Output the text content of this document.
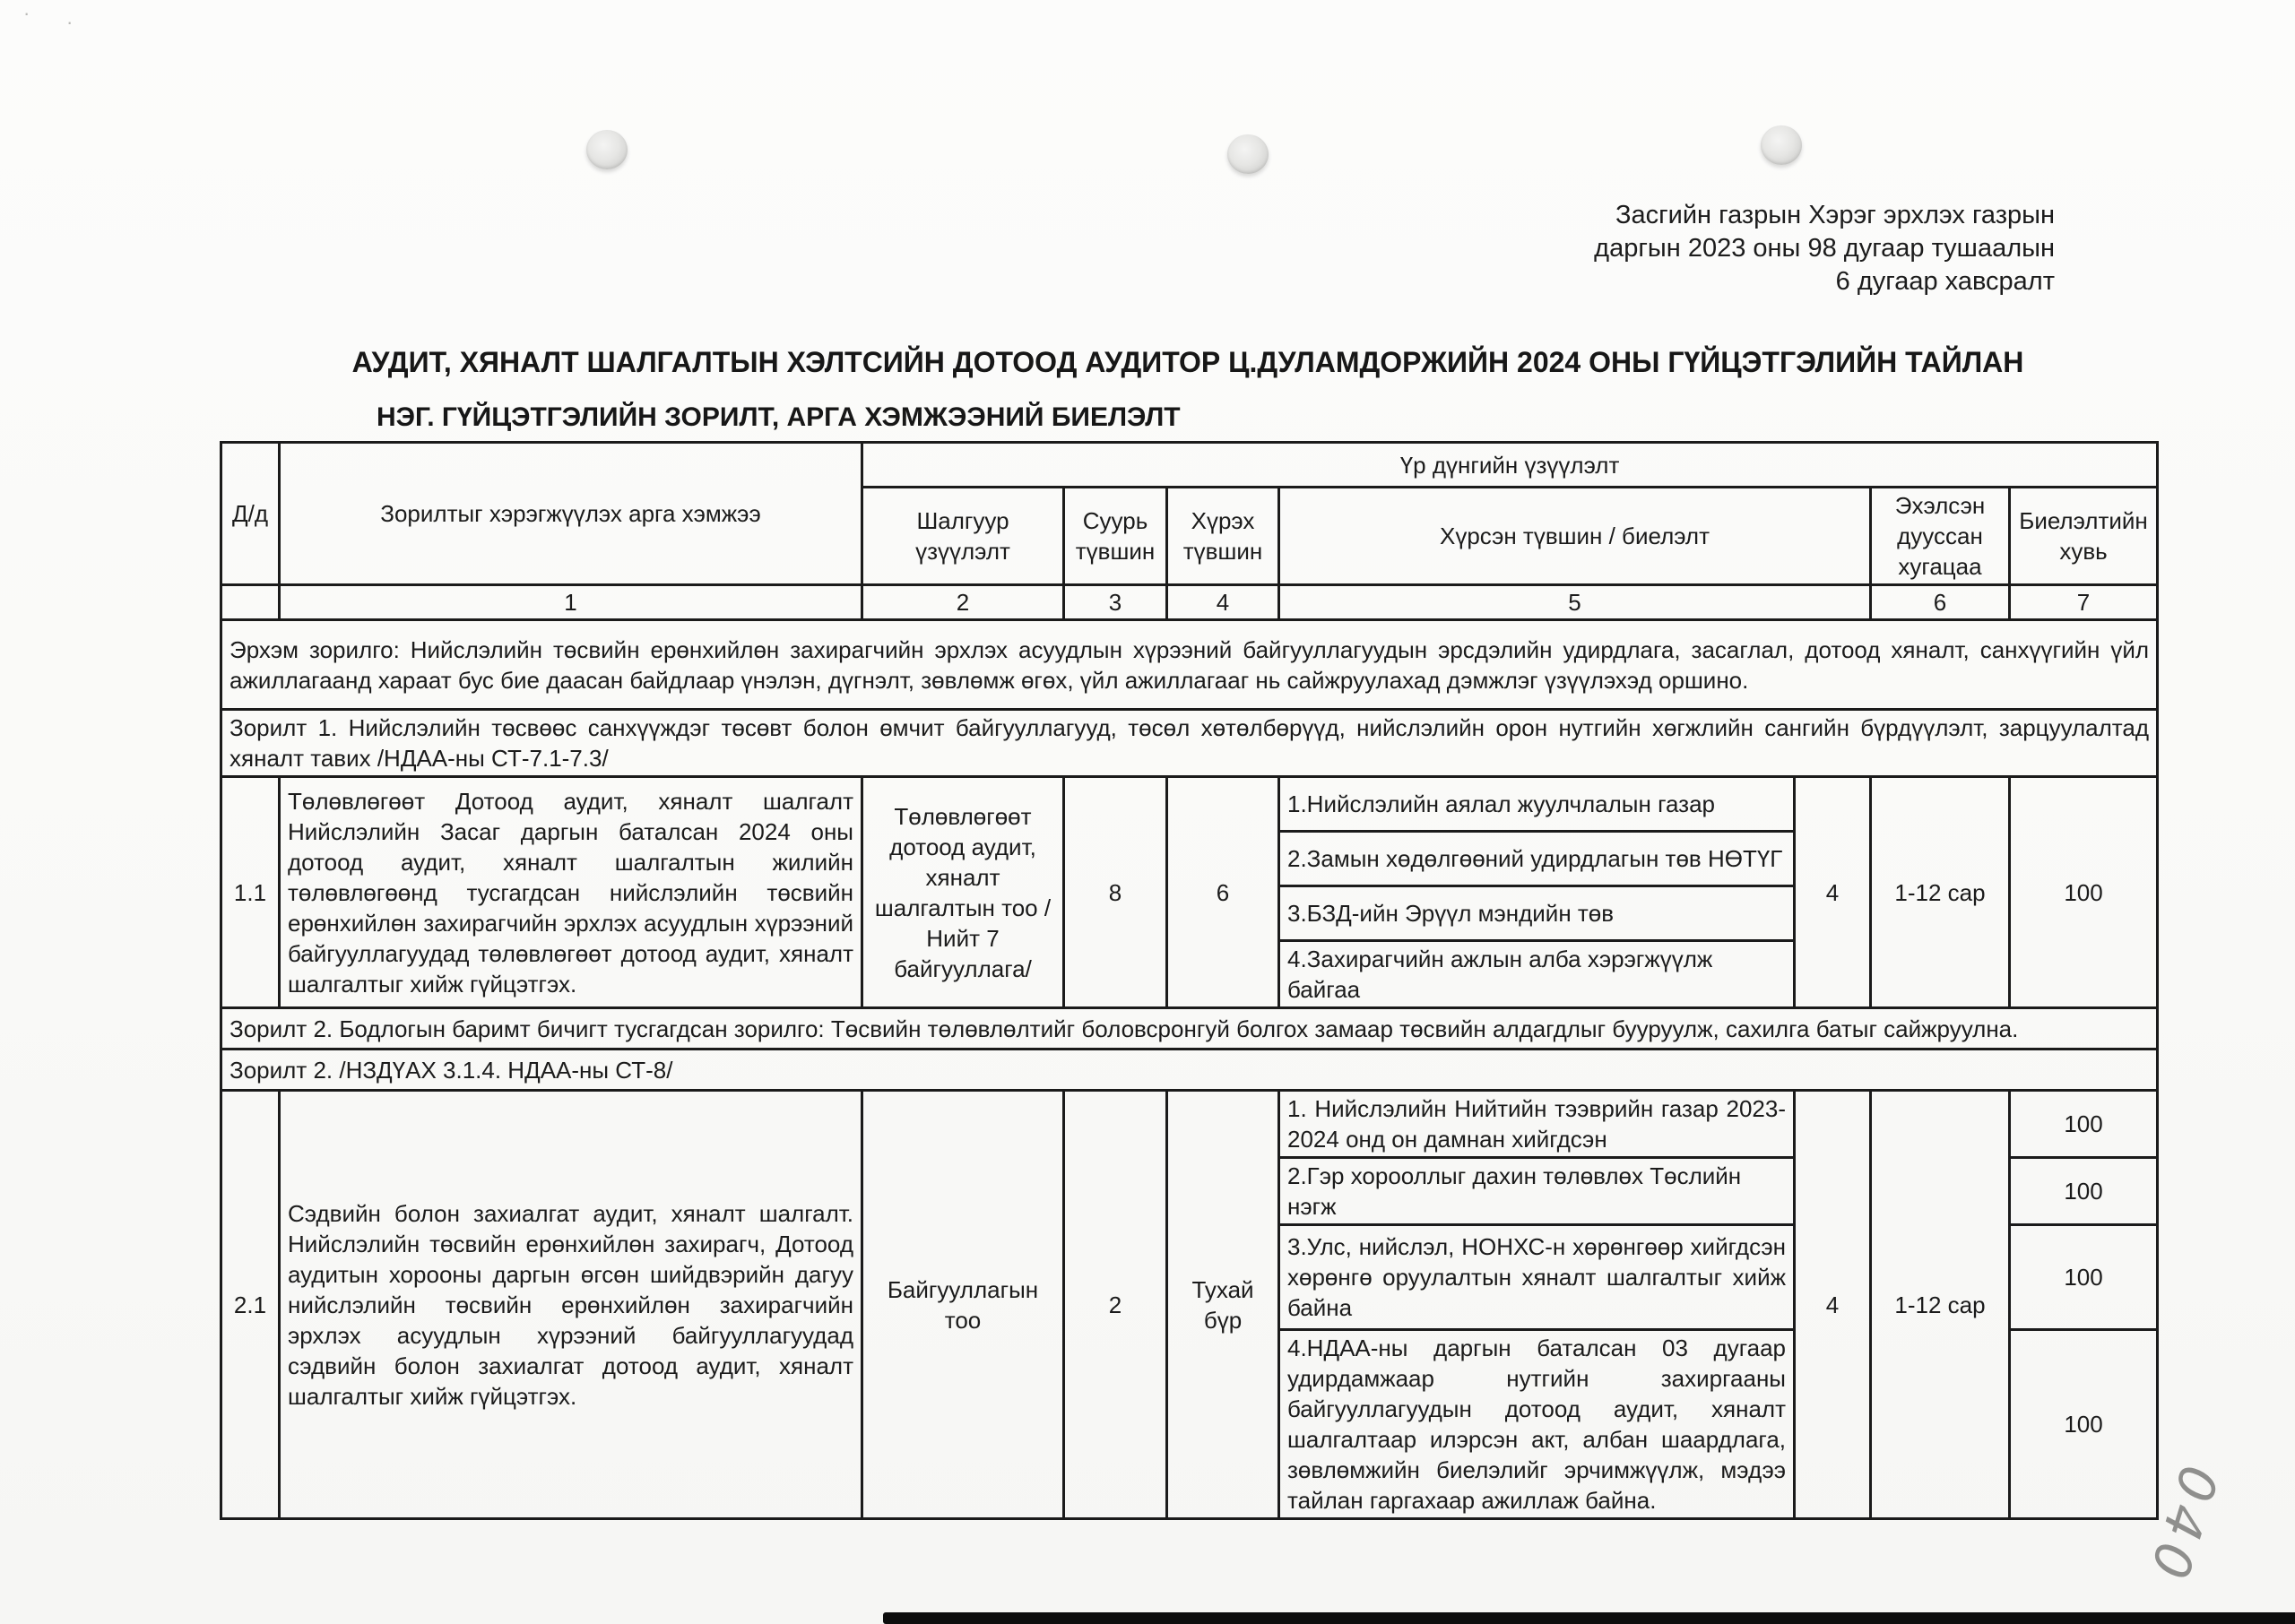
· ·
Засгийн газрын Хэрэг эрхлэх газрын
даргын 2023 оны 98 дугаар тушаалын
6 дугаар хавсралт
АУДИТ, ХЯНАЛТ ШАЛГАЛТЫН ХЭЛТСИЙН ДОТООД АУДИТОР Ц.ДУЛАМДОРЖИЙН 2024 ОНЫ ГҮЙЦЭТГЭЛИЙН ТАЙЛАН
НЭГ. ГҮЙЦЭТГЭЛИЙН ЗОРИЛТ, АРГА ХЭМЖЭЭНИЙ БИЕЛЭЛТ
Д/д	Зорилтыг хэрэгжүүлэх арга хэмжээ	Үр дүнгийн үзүүлэлт						
		Шалгуур үзүүлэлт	Суурь түвшин	Хүрэх түвшин	Хүрсэн түвшин / биелэлт		Эхэлсэн дууссан хугацаа	Биелэлтийн хувь
	1	2	3	4	5		6	7
Эрхэм зорилго: Нийслэлийн төсвийн ерөнхийлөн захирагчийн эрхлэх асуудлын хүрээний байгууллагуудын эрсдэлийн удирдлага, засаглал, дотоод хяналт, санхүүгийн үйл ажиллагаанд хараат бус бие даасан байдлаар үнэлэн, дүгнэлт, зөвлөмж өгөх, үйл ажиллагааг нь сайжруулахад дэмжлэг үзүүлэхэд оршино.								
Зорилт 1. Нийслэлийн төсвөөс санхүүждэг төсөвт болон өмчит байгууллагууд, төсөл хөтөлбөрүүд, нийслэлийн орон нутгийн хөгжлийн сангийн бүрдүүлэлт, зарцуулалтад хяналт тавих /НДАА-ны СТ-7.1-7.3/								
1.1	Төлөвлөгөөт Дотоод аудит, хяналт шалгалт Нийслэлийн Засаг даргын баталсан 2024 оны дотоод аудит, хяналт шалгалтын жилийн төлөвлөгөөнд тусгагдсан нийслэлийн төсвийн ерөнхийлөн захирагчийн эрхлэх асуудлын хүрээний байгууллагуудад төлөвлөгөөт дотоод аудит, хяналт шалгалтыг хийж гүйцэтгэх.	Төлөвлөгөөт дотоод аудит, хяналт шалгалтын тоо /Нийт 7 байгууллага/	8	6	1.Нийслэлийн аялал жуулчлалын газар	4	1-12 сар	100
					2.Замын хөдөлгөөний удирдлагын төв НӨТҮГ			
					3.БЗД-ийн Эрүүл мэндийн төв			
					4.Захирагчийн ажлын алба хэрэгжүүлж байгаа			
Зорилт 2. Бодлогын баримт бичигт тусгагдсан зорилго: Төсвийн төлөвлөлтийг боловсронгуй болгох замаар төсвийн алдагдлыг бууруулж, сахилга батыг сайжруулна.								
Зорилт 2. /НЗДҮАХ 3.1.4. НДАА-ны СТ-8/								
2.1	Сэдвийн болон захиалгат аудит, хяналт шалгалт. Нийслэлийн төсвийн ерөнхийлөн захирагч, Дотоод аудитын хорооны даргын өгсөн шийдвэрийн дагуу нийслэлийн төсвийн ерөнхийлөн захирагчийн эрхлэх асуудлын хүрээний байгууллагуудад сэдвийн болон захиалгат дотоод аудит, хяналт шалгалтыг хийж гүйцэтгэх.	Байгууллагын тоо	2	Тухай бүр	1. Нийслэлийн Нийтийн тээврийн газар 2023-2024 онд он дамнан хийгдсэн	4	1-12 сар	100
					2.Гэр хорооллыг дахин төлөвлөх Төслийн нэгж			100
					3.Улс, нийслэл, НОНХС-н хөрөнгөөр хийгдсэн хөрөнгө оруулалтын хяналт шалгалтыг хийж байна			100
					4.НДАА-ны даргын баталсан 03 дугаар удирдамжаар нутгийн захиргааны байгууллагуудын дотоод аудит, хяналт шалгалтаар илэрсэн акт, албан шаардлага, зөвлөмжийн биелэлийг эрчимжүүлж, мэдээ тайлан гаргахаар ажиллаж байна.			100
040
